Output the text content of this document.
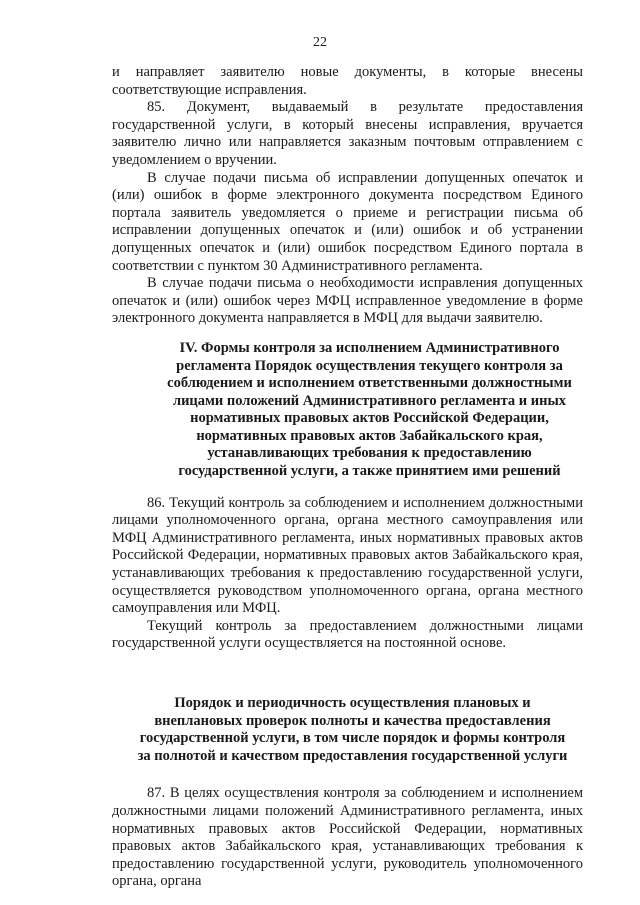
22

и направляет заявителю новые документы, в которые внесены соответствующие исправления.

85. Документ, выдаваемый в результате предоставления государственной услуги, в который внесены исправления, вручается заявителю лично или направляется заказным почтовым отправлением с уведомлением о вручении.

В случае подачи письма об исправлении допущенных опечаток и (или) ошибок в форме электронного документа посредством Единого портала заявитель уведомляется о приеме и регистрации письма об исправлении допущенных опечаток и (или) ошибок и об устранении допущенных опечаток и (или) ошибок посредством Единого портала в соответствии с пунктом 30 Административного регламента.

В случае подачи письма о необходимости исправления допущенных опечаток и (или) ошибок через МФЦ исправленное уведомление в форме электронного документа направляется в МФЦ для выдачи заявителю.

IV. Формы контроля за исполнением Административного регламента Порядок осуществления текущего контроля за соблюдением и исполнением ответственными должностными лицами положений Административного регламента и иных нормативных правовых актов Российской Федерации, нормативных правовых актов Забайкальского края, устанавливающих требования к предоставлению государственной услуги, а также принятием ими решений

86. Текущий контроль за соблюдением и исполнением должностными лицами уполномоченного органа, органа местного самоуправления или МФЦ Административного регламента, иных нормативных правовых актов Российской Федерации, нормативных правовых актов Забайкальского края, устанавливающих требования к предоставлению государственной услуги, осуществляется руководством уполномоченного органа, органа местного самоуправления или МФЦ.

Текущий контроль за предоставлением должностными лицами государственной услуги осуществляется на постоянной основе.

Порядок и периодичность осуществления плановых и внеплановых проверок полноты и качества предоставления государственной услуги, в том числе порядок и формы контроля за полнотой и качеством предоставления государственной услуги

87. В целях осуществления контроля за соблюдением и исполнением должностными лицами положений Административного регламента, иных нормативных правовых актов Российской Федерации, нормативных правовых актов Забайкальского края, устанавливающих требования к предоставлению государственной услуги, руководитель уполномоченного органа, органа
